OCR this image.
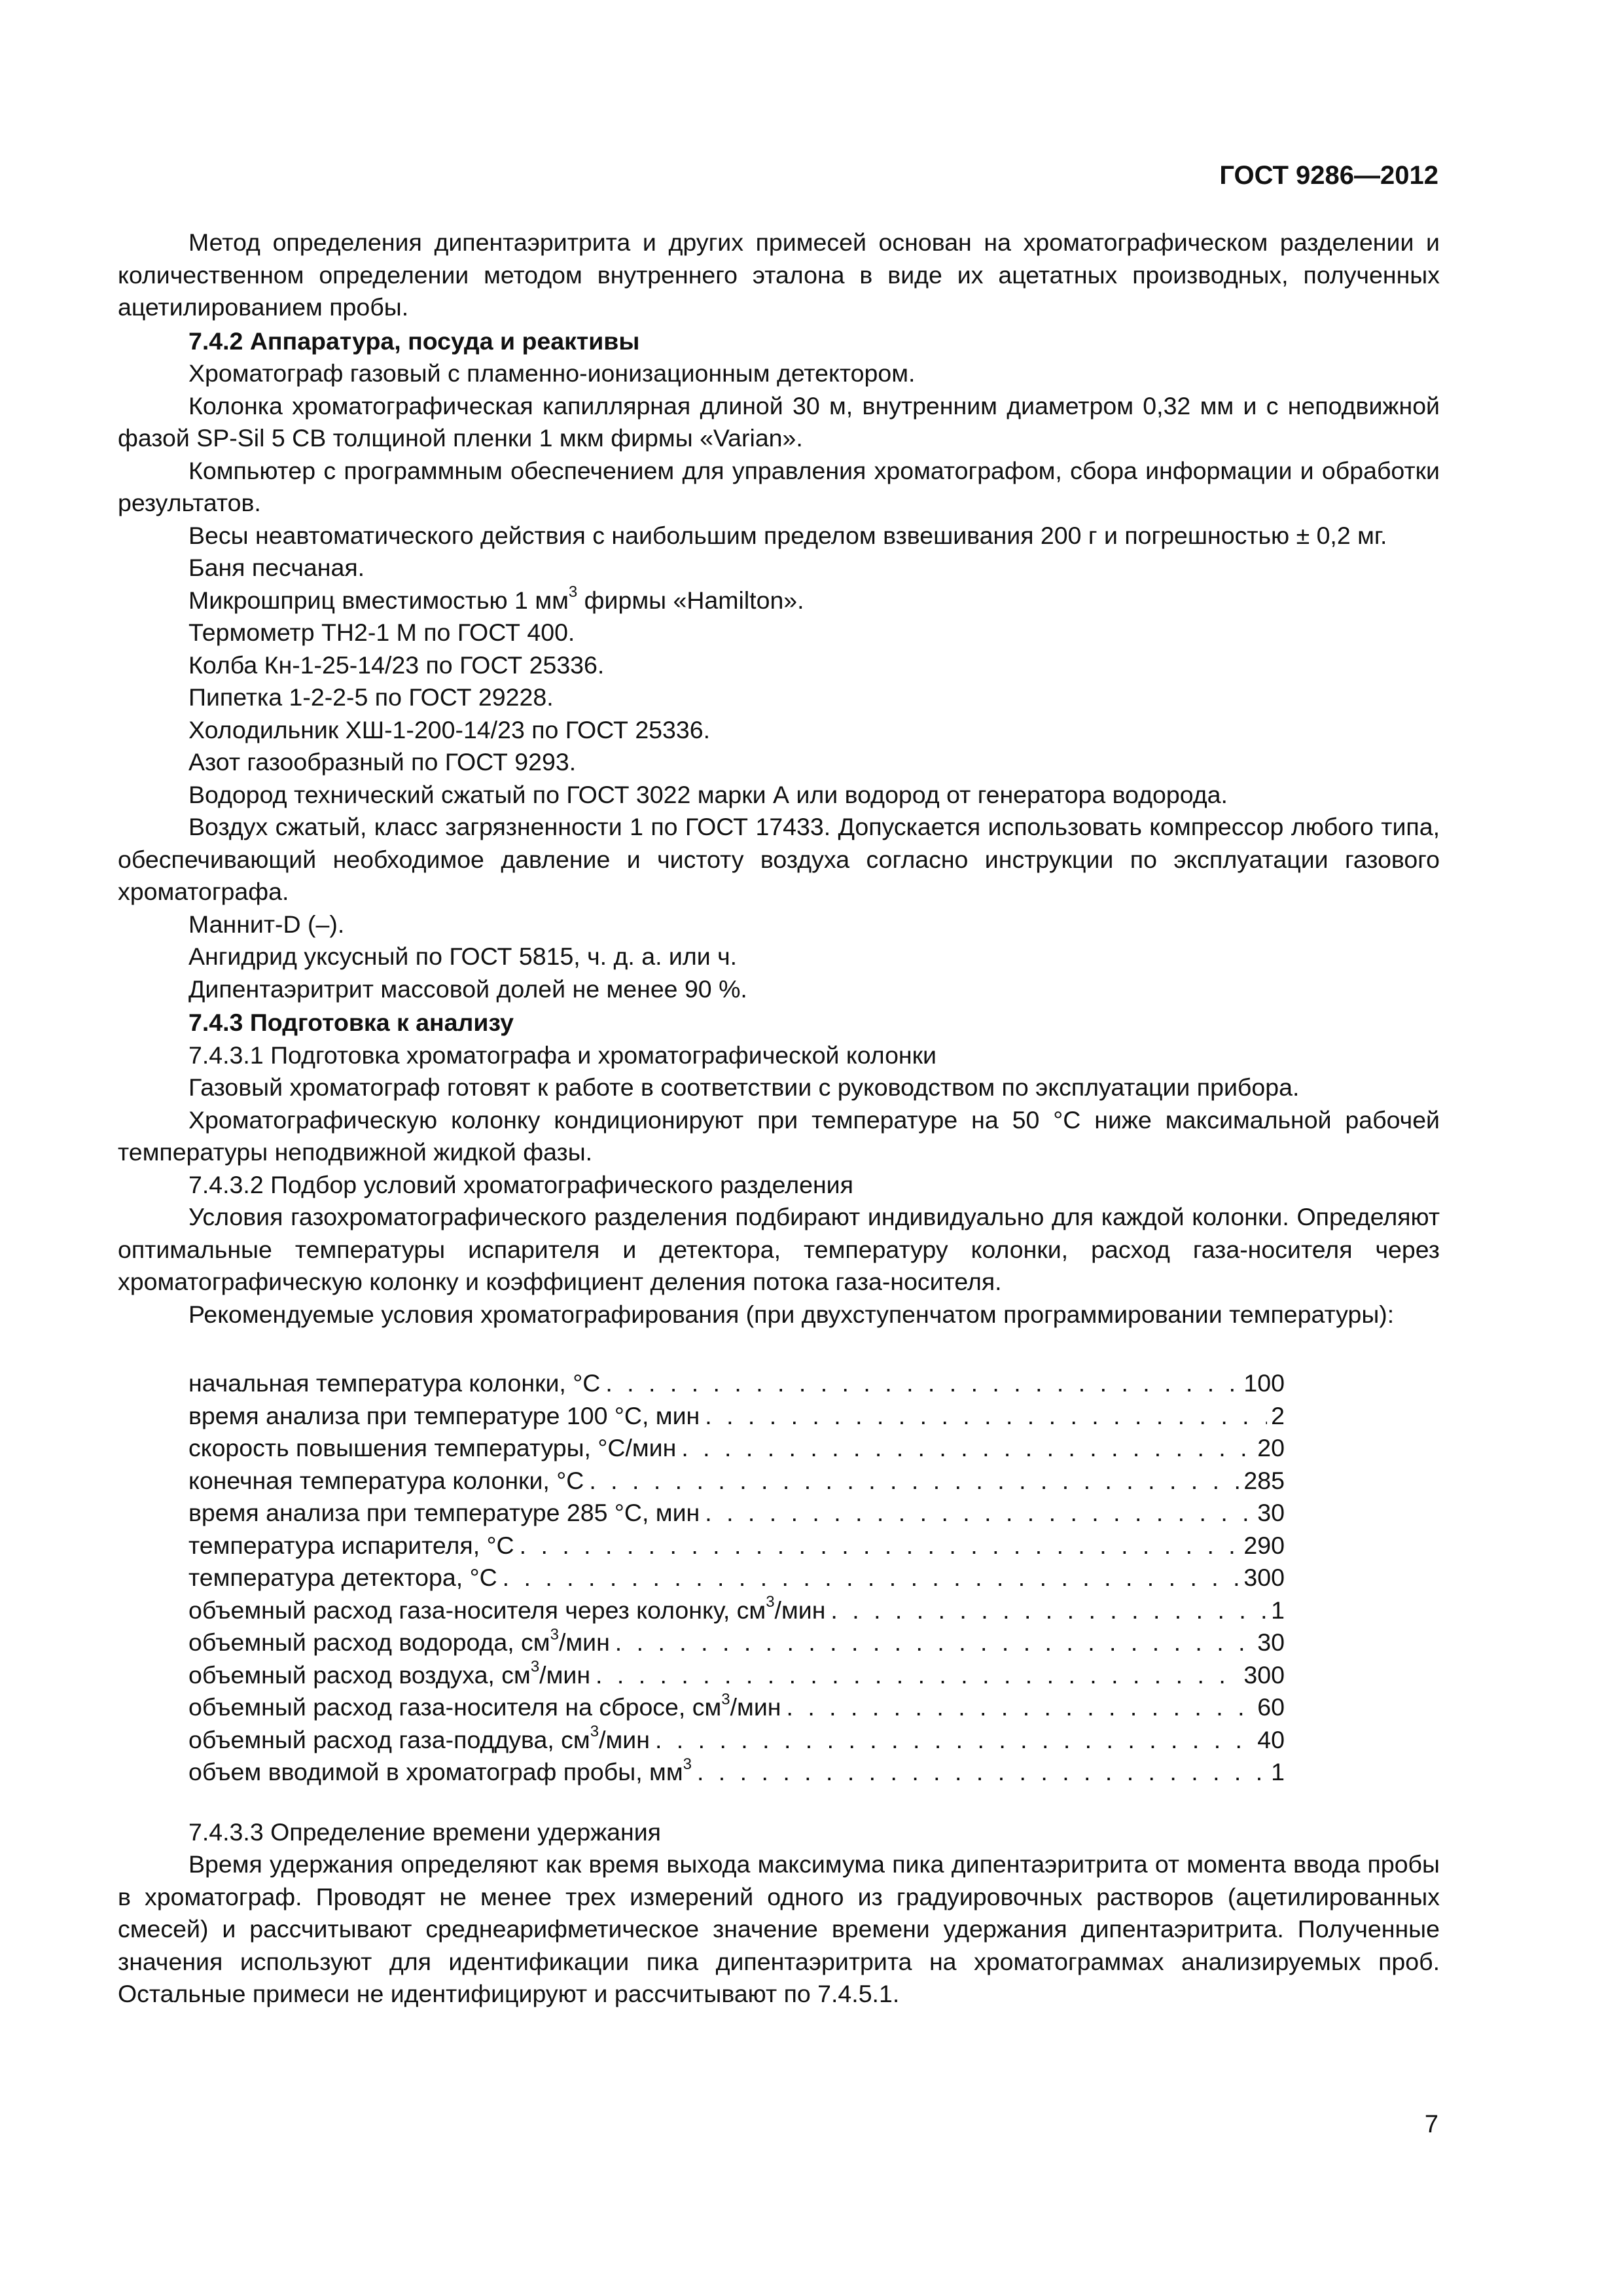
ГОСТ 9286—2012

Метод определения дипентаэритрита и других примесей основан на хроматографическом разделении и количественном определении методом внутреннего эталона в виде их ацетатных производных, полученных ацетилированием пробы.

7.4.2 Аппаратура, посуда и реактивы

Хроматограф газовый с пламенно-ионизационным детектором.

Колонка хроматографическая капиллярная длиной 30 м, внутренним диаметром 0,32 мм и с неподвижной фазой SP-Sil 5 CB толщиной пленки 1 мкм фирмы «Varian».

Компьютер с программным обеспечением для управления хроматографом, сбора информации и обработки результатов.

Весы неавтоматического действия с наибольшим пределом взвешивания 200 г и погрешностью ± 0,2 мг.

Баня песчаная.

Микрошприц вместимостью 1 $мм^3$ фирмы «Hamilton».

Термометр ТН2-1 М по ГОСТ 400.

Колба Кн-1-25-14/23 по ГОСТ 25336.

Пипетка 1-2-2-5 по ГОСТ 29228.

Холодильник ХШ-1-200-14/23 по ГОСТ 25336.

Азот газообразный по ГОСТ 9293.

Водород технический сжатый по ГОСТ 3022 марки А или водород от генератора водорода.

Воздух сжатый, класс загрязненности 1 по ГОСТ 17433. Допускается использовать компрессор любого типа, обеспечивающий необходимое давление и чистоту воздуха согласно инструкции по эксплуатации газового хроматографа.

Маннит-D (–).

Ангидрид уксусный по ГОСТ 5815, ч. д. а. или ч.

Дипентаэритрит массовой долей не менее 90 %.

7.4.3 Подготовка к анализу

7.4.3.1 Подготовка хроматографа и хроматографической колонки

Газовый хроматограф готовят к работе в соответствии с руководством по эксплуатации прибора.

Хроматографическую колонку кондиционируют при температуре на 50 °С ниже максимальной рабочей температуры неподвижной жидкой фазы.

7.4.3.2 Подбор условий хроматографического разделения

Условия газохроматографического разделения подбирают индивидуально для каждой колонки. Определяют оптимальные температуры испарителя и детектора, температуру колонки, расход газа-носителя через хроматографическую колонку и коэффициент деления потока газа-носителя.

Рекомендуемые условия хроматографирования (при двухступенчатом программировании температуры):

начальная температура колонки, °С . . .	100
время анализа при температуре 100 °С, мин . . .	2
скорость повышения температуры, °С/мин . . .	20
конечная температура колонки, °С . . .	285
время анализа при температуре 285 °С, мин . . .	30
температура испарителя, °С . . .	290
температура детектора, °С . . .	300
объемный расход газа-носителя через колонку, $см^3$/мин . . .	1
объемный расход водорода, $см^3$/мин . . .	30
объемный расход воздуха, $см^3$/мин . . .	300
объемный расход газа-носителя на сбросе, $см^3$/мин . . .	60
объемный расход газа-поддува, $см^3$/мин . . .	40
объем вводимой в хроматограф пробы, $мм^3$ . . .	1

7.4.3.3 Определение времени удержания

Время удержания определяют как время выхода максимума пика дипентаэритрита от момента ввода пробы в хроматограф. Проводят не менее трех измерений одного из градуировочных растворов (ацетилированных смесей) и рассчитывают среднеарифметическое значение времени удержания дипентаэритрита. Полученные значения используют для идентификации пика дипентаэритрита на хроматограммах анализируемых проб. Остальные примеси не идентифицируют и рассчитывают по 7.4.5.1.

7
